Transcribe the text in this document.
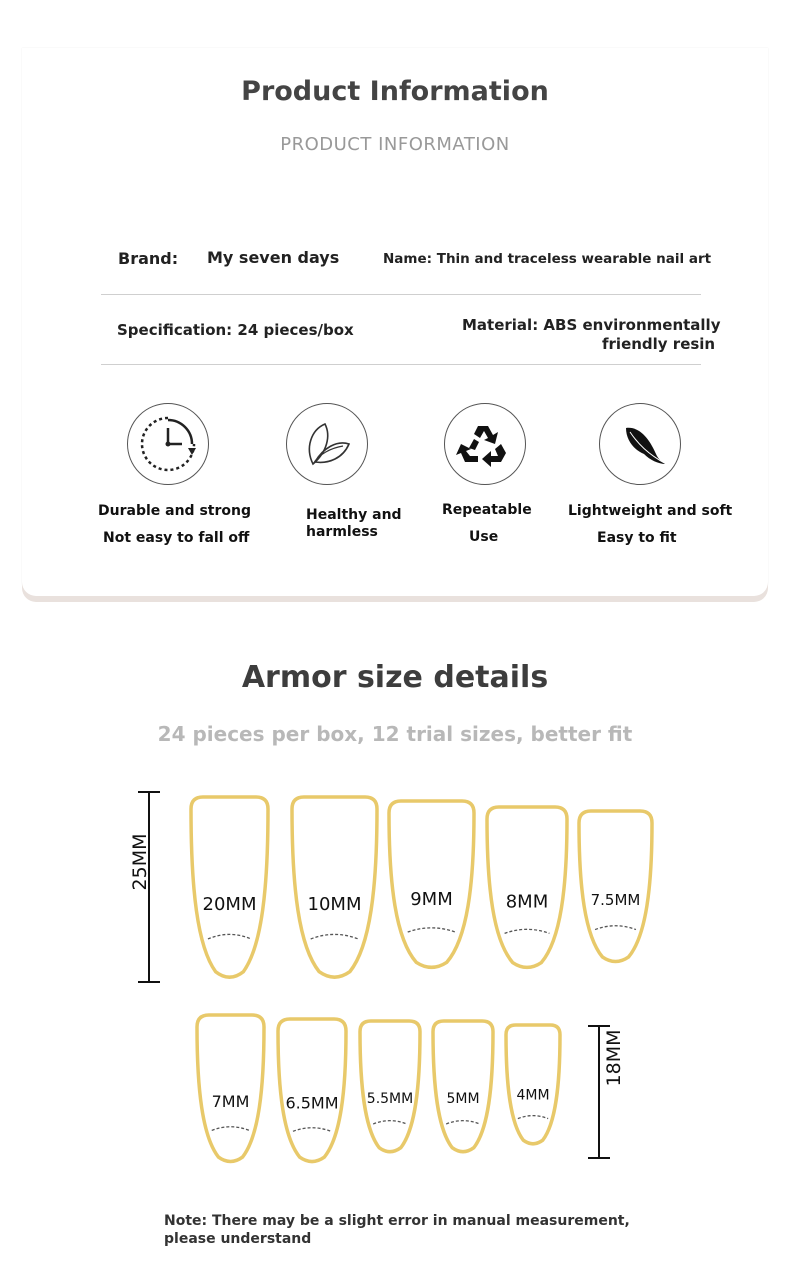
Product Information
PRODUCT INFORMATION
Brand: My seven days	Name: Thin and traceless wearable nail art
Specification: 24 pieces/box	Material: ABS environmentally
friendly resin
Durable and strong
Not easy to fall off
Healthy and
harmless
Repeatable
Use
Lightweight and soft
Easy to fit
Armor size details
24 pieces per box, 12 trial sizes, better fit
25MM
18MM
20MM	10MM	9MM	8MM	7.5MM
7MM 6.5MM 5.5MM 5MM	4MM
Note: There may be a slight error in manual measurement, please understand
